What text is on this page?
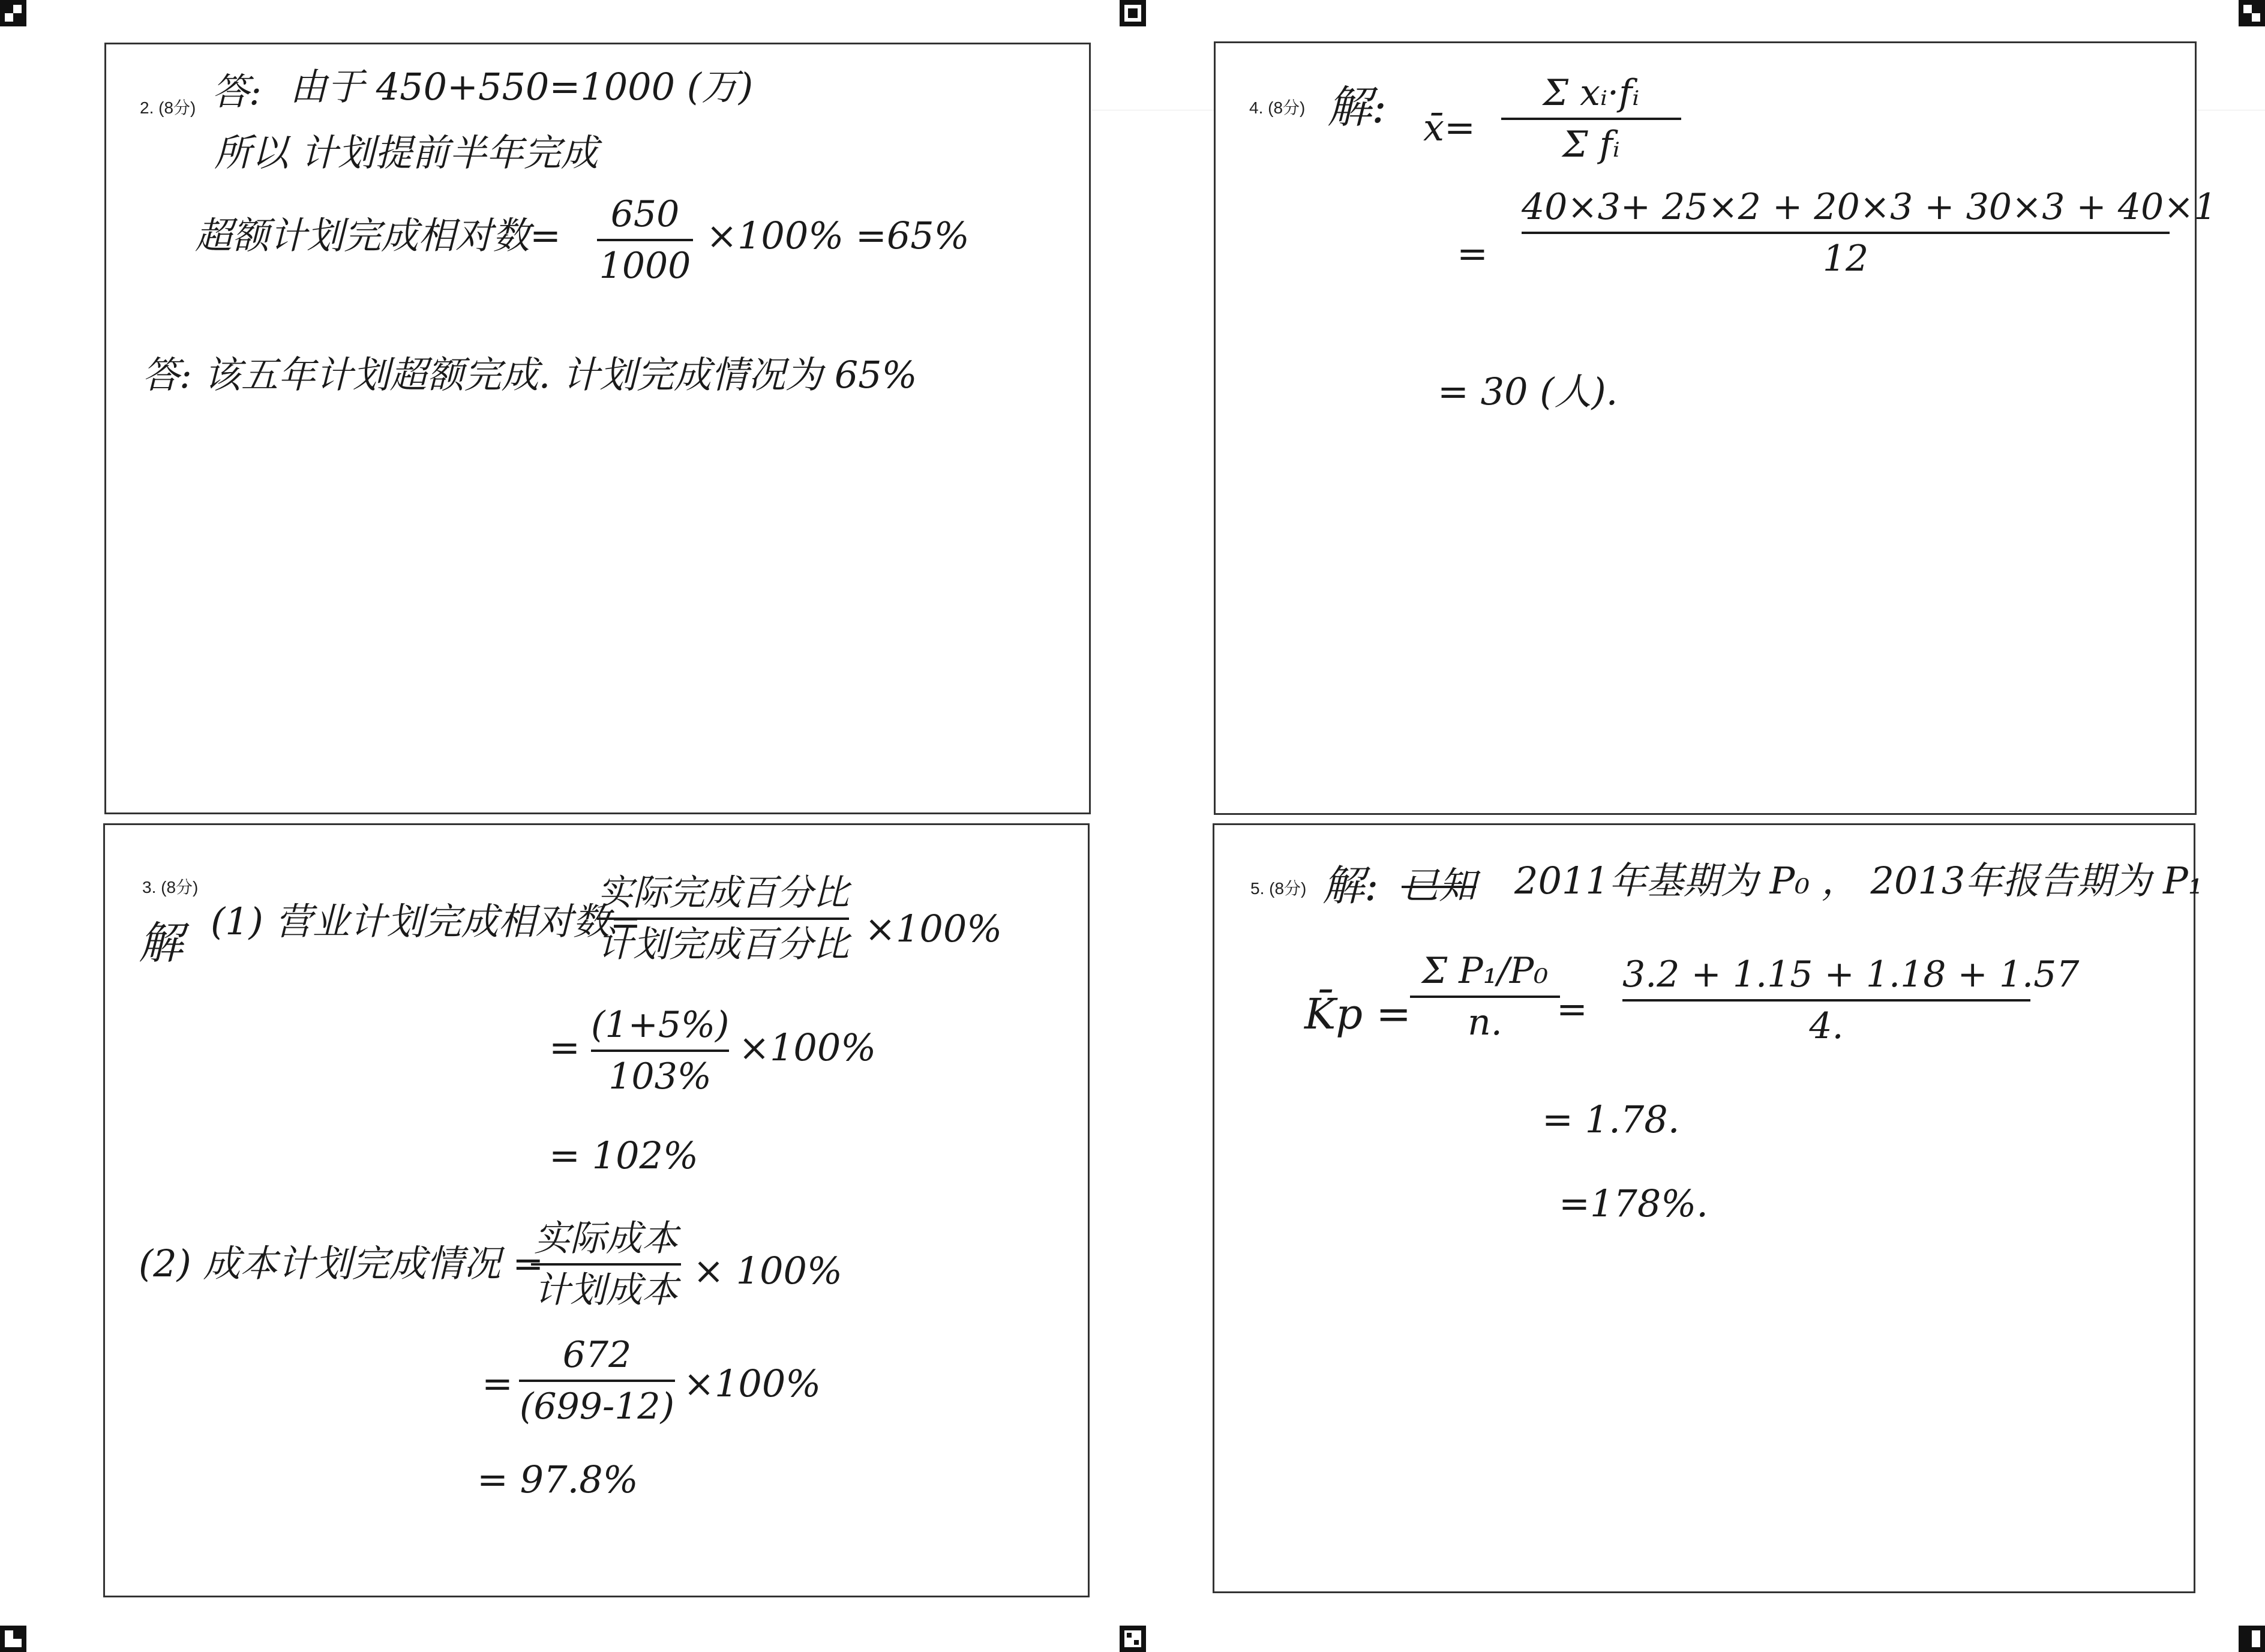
2. (8分) 答: 由于 450+550=1000 (万)
所以 计划提前半年完成
超额计划完成相对数=	650
1000
×100% =65%
答: 该五年计划超额完成. 计划完成情况为 65%
3. (8分)
解 (1) 营业计划完成相对数=
实际完成百分比
计划完成百分比 ×100%
=
(1+5%)
103%
×100%
= 102%
(2) 成本计划完成情况 =
实际成本
计划成本 × 100%
=
672
(699-12)
×100%
= 97.8%
4. (8分) 解: x̄=
Σ xᵢ·fᵢ
Σ fᵢ
=
40×3+ 25×2 + 20×3 + 30×3 + 40×1
12
= 30 (人).
5. (8分) 解: 已知 2011年基期为 P₀ ， 2013年报告期为 P₁
K̄p =
Σ P₁/P₀
n.	=
3.2 + 1.15 + 1.18 + 1.57
4.
= 1.78.
=178%.
